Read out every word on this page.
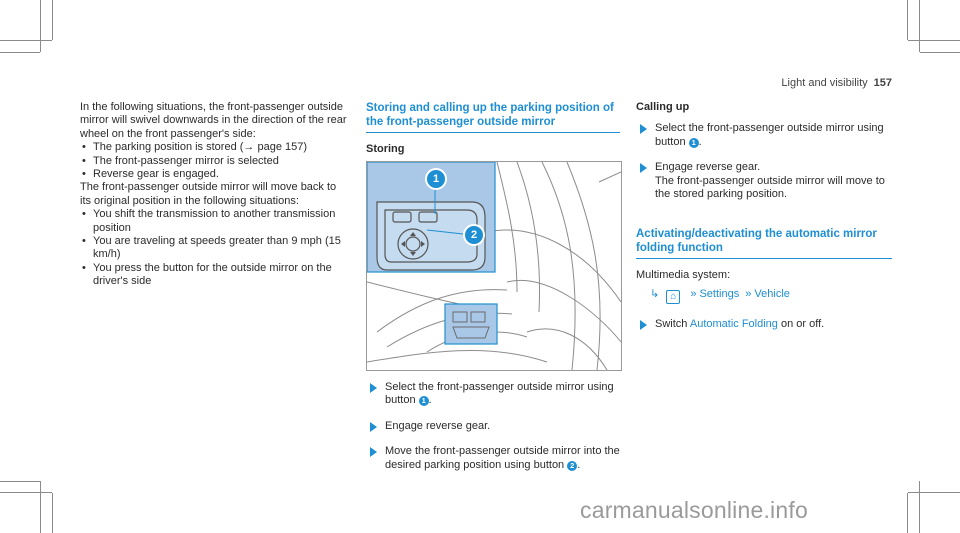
Light and visibility 157

In the following situations, the front-passenger outside mirror will swivel downwards in the direction of the rear wheel on the front passenger's side:

• The parking position is stored (→ page 157)
• The front-passenger mirror is selected
• Reverse gear is engaged.

The front-passenger outside mirror will move back to its original position in the following situations:

• You shift the transmission to another transmission position
• You are traveling at speeds greater than 9 mph (15 km/h)
• You press the button for the outside mirror on the driver's side
Storing and calling up the parking position of the front-passenger outside mirror
Storing
1
2
Select the front-passenger outside mirror using button 1 .
Engage reverse gear.
Move the front-passenger outside mirror into the desired parking position using button 2 .
Calling up
Select the front-passenger outside mirror using button 1 .
Engage reverse gear.
The front-passenger outside mirror will move to the stored parking position.
Activating/deactivating the automatic mirror folding function

Multimedia system:

↳ ⌂ » Settings » Vehicle
Switch Automatic Folding on or off.
carmanualsonline.info
